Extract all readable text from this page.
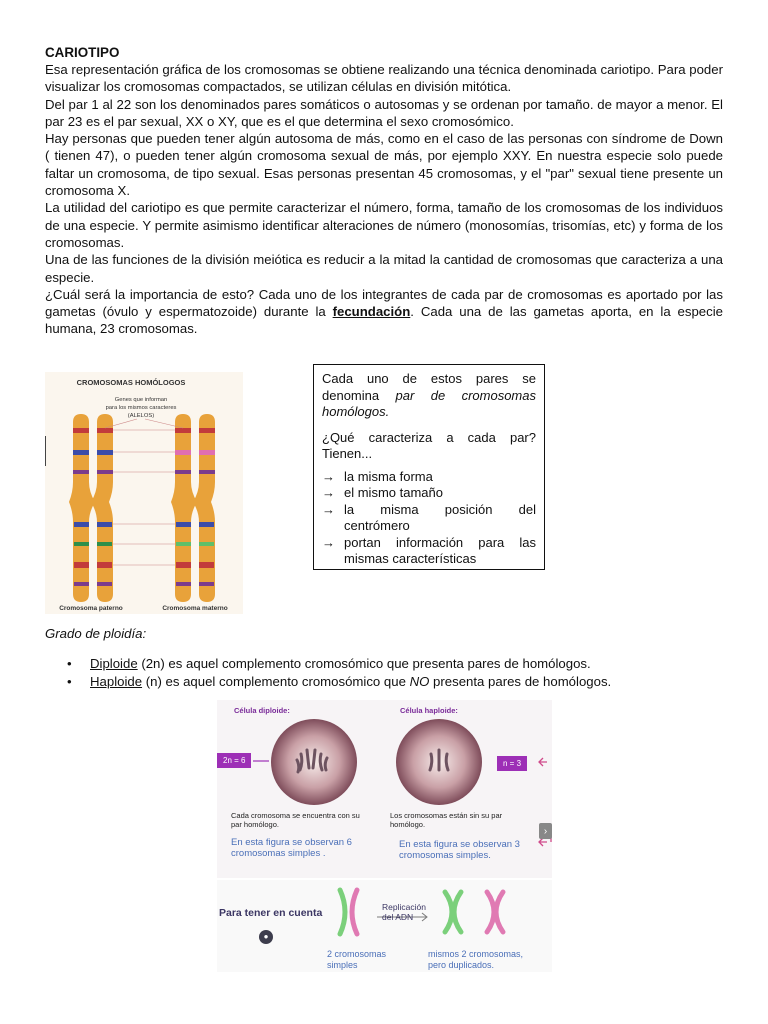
CARIOTIPO

Esa representación gráfica de los cromosomas se obtiene realizando una técnica denominada cariotipo. Para poder visualizar los cromosomas compactados, se utilizan células en división mitótica.

Del par 1 al 22 son los denominados pares somáticos o autosomas y se ordenan por tamaño. de mayor a menor. El par 23 es el par sexual, XX o XY, que es el que determina el sexo cromosómico.

Hay personas que pueden tener algún autosoma de más, como en el caso de las personas con síndrome de Down ( tienen 47), o pueden tener algún cromosoma sexual de más, por ejemplo XXY. En nuestra especie solo puede faltar un cromosoma, de tipo sexual. Esas personas presentan 45 cromosomas, y el "par" sexual tiene presente un cromosoma X.

La utilidad del cariotipo es que permite caracterizar el número, forma, tamaño de los cromosomas de los individuos de una especie. Y permite asimismo identificar alteraciones de número (monosomías, trisomías, etc) y forma de los cromosomas.

Una de las funciones de la división meiótica es reducir a la mitad la cantidad de cromosomas que caracteriza a una especie.

¿Cuál será la importancia de esto? Cada uno de los integrantes de cada par de cromosomas es aportado por las gametas (óvulo y espermatozoide) durante la fecundación. Cada una de las gametas aporta, en la especie humana, 23 cromosomas.

CROMOSOMAS HOMÓLOGOS
Genes que informan
para los mismos caracteres
(ALELOS)
Cromosoma paterno	Cromosoma materno

Cada uno de estos pares se denomina par de cromosomas homólogos.

¿Qué caracteriza a cada par? Tienen...

→ la misma forma
→ el mismo tamaño
→ la misma posición del centrómero
→ portan información para las mismas características
Grado de ploidía:
• Diploide (2n) es aquel complemento cromosómico que presenta pares de homólogos.
• Haploide (n) es aquel complemento cromosómico que NO presenta pares de homólogos.
Célula diploide:	Célula haploide:
2n = 6	n = 3
Cada cromosoma se encuentra con su par homólogo.
Los cromosomas están sin su par homólogo.
En esta figura se observan 6 cromosomas simples .
En esta figura se observan 3 cromosomas simples.
›
Para tener en cuenta
●
Replicación
del ADN
2 cromosomas
simples
mismos 2 cromosomas,
pero duplicados.
